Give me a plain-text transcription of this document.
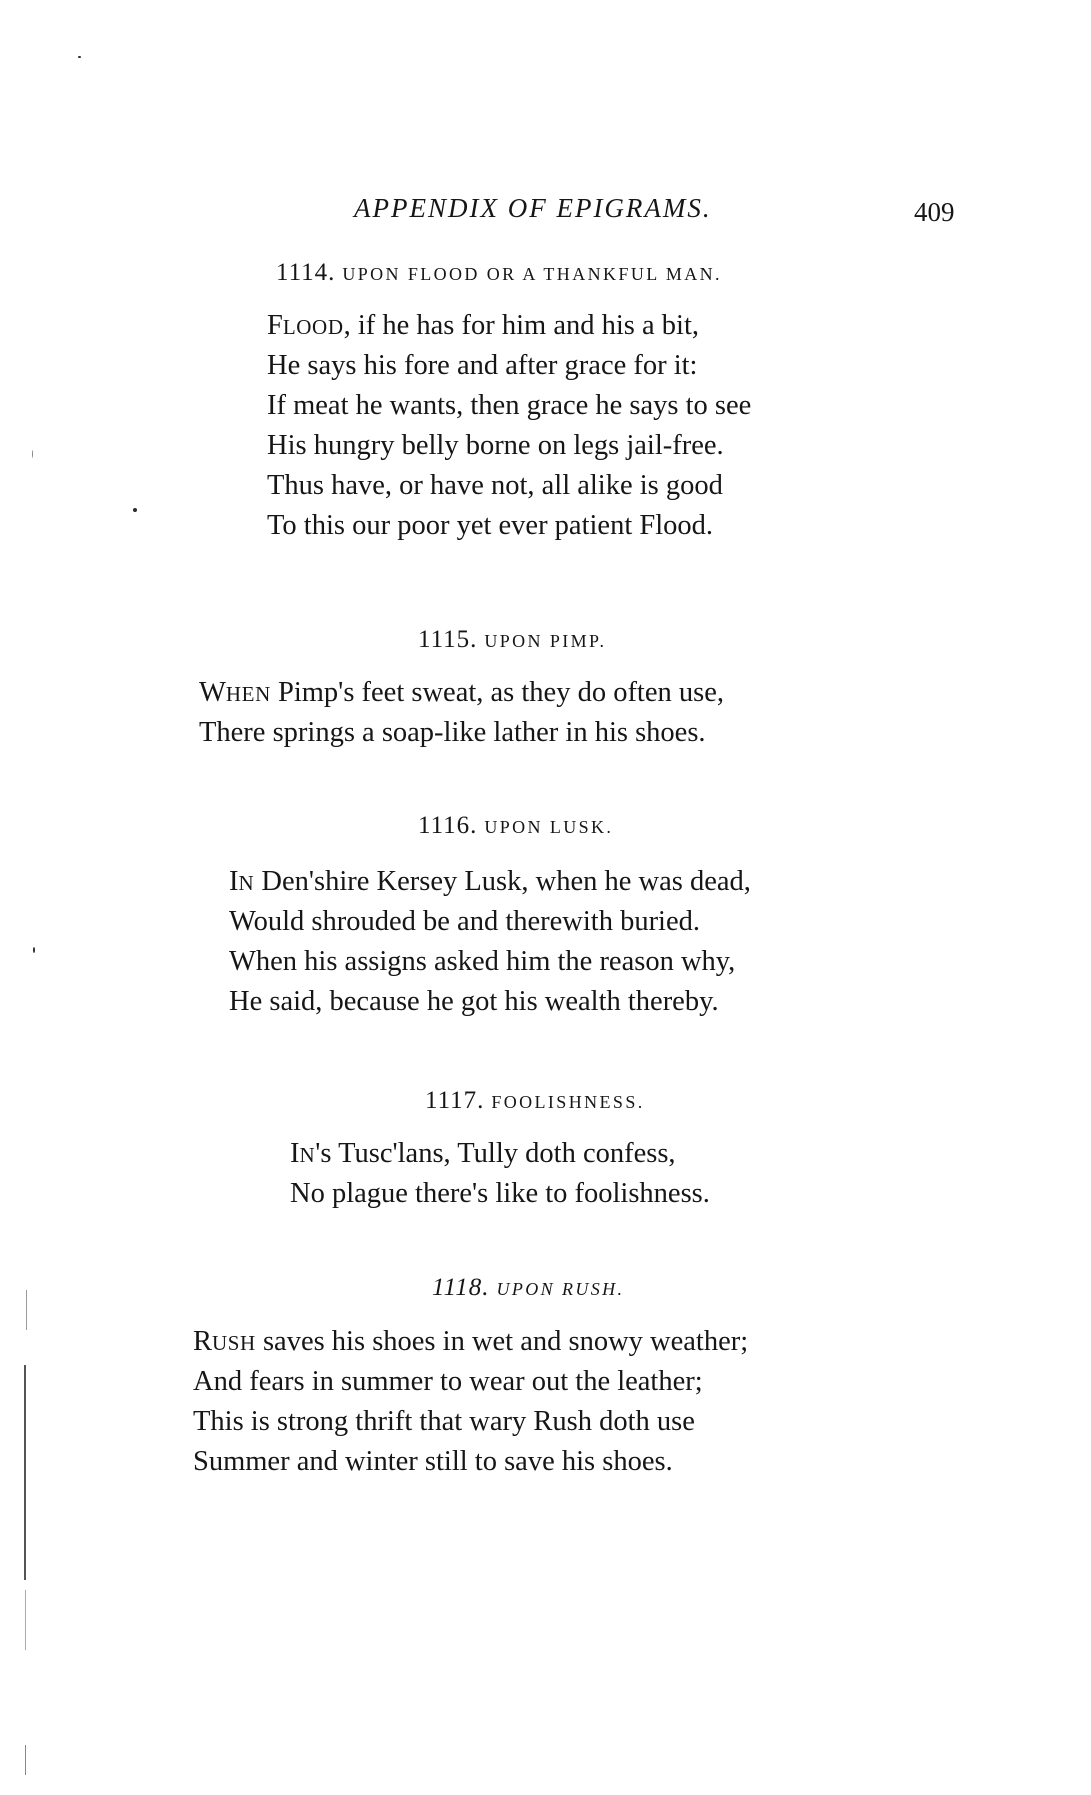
APPENDIX OF EPIGRAMS.	409
1114. UPON FLOOD OR A THANKFUL MAN.
FLOOD, if he has for him and his a bit,
He says his fore and after grace for it:
If meat he wants, then grace he says to see
His hungry belly borne on legs jail-free.
Thus have, or have not, all alike is good
To this our poor yet ever patient Flood.
1115. UPON PIMP.
WHEN Pimp's feet sweat, as they do often use,
There springs a soap-like lather in his shoes.
1116. UPON LUSK.
IN Den'shire Kersey Lusk, when he was dead,
Would shrouded be and therewith buried.
When his assigns asked him the reason why,
He said, because he got his wealth thereby.
1117. FOOLISHNESS.
IN's Tusc'lans, Tully doth confess,
No plague there's like to foolishness.
1118. UPON RUSH.
RUSH saves his shoes in wet and snowy weather;
And fears in summer to wear out the leather;
This is strong thrift that wary Rush doth use
Summer and winter still to save his shoes.
